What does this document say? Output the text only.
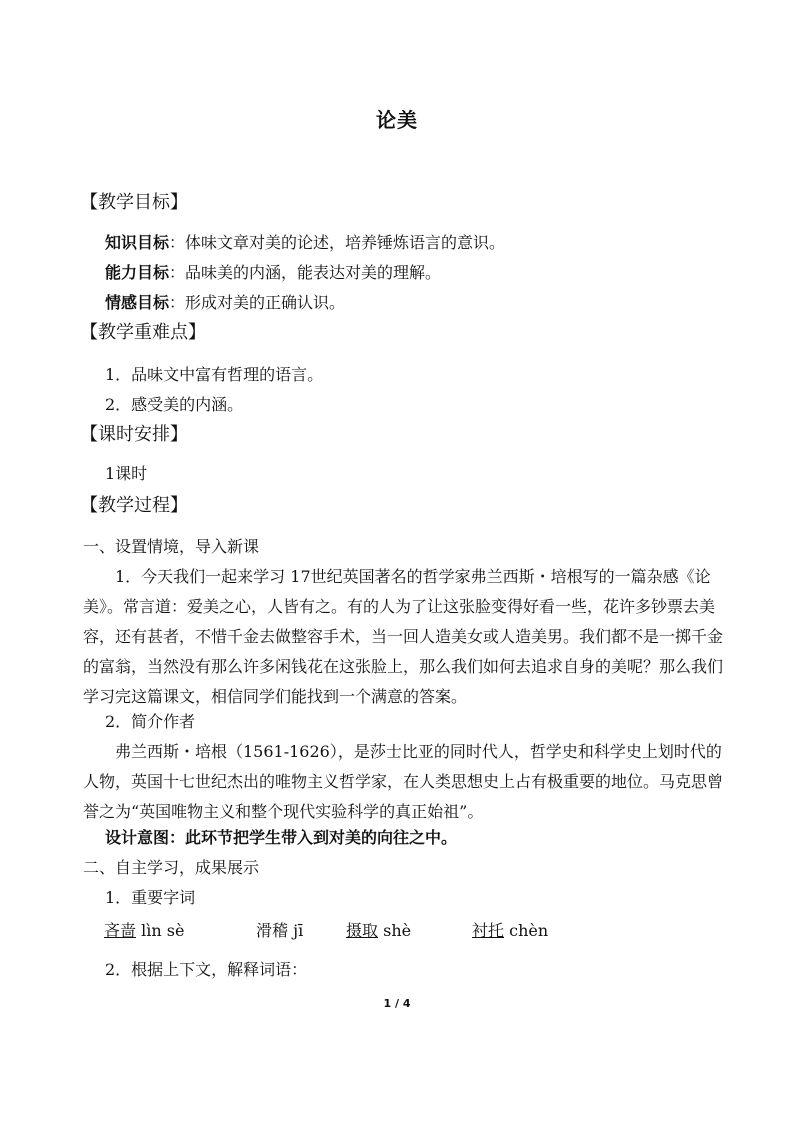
论美
【教学目标】
知识目标：体味文章对美的论述，培养锤炼语言的意识。
能力目标：品味美的内涵，能表达对美的理解。
情感目标：形成对美的正确认识。
【教学重难点】
1．品味文中富有哲理的语言。
2．感受美的内涵。
【课时安排】
1课时
【教学过程】
一、设置情境，导入新课
1．今天我们一起来学习 17世纪英国著名的哲学家弗兰西斯・培根写的一篇杂感《论美》。常言道：爱美之心，人皆有之。有的人为了让这张脸变得好看一些，花许多钞票去美容，还有甚者，不惜千金去做整容手术，当一回人造美女或人造美男。我们都不是一掷千金的富翁，当然没有那么许多闲钱花在这张脸上，那么我们如何去追求自身的美呢？那么我们学习完这篇课文，相信同学们能找到一个满意的答案。
2．简介作者
弗兰西斯・培根（1561-1626），是莎士比亚的同时代人，哲学史和科学史上划时代的人物，英国十七世纪杰出的唯物主义哲学家，在人类思想史上占有极重要的地位。马克思曾誉之为“英国唯物主义和整个现代实验科学的真正始祖”。
设计意图：此环节把学生带入到对美的向往之中。
二、自主学习，成果展示
1．重要字词
吝啬 lìn sè	滑稽 jī	摄取 shè	衬托 chèn
2．根据上下文，解释词语：
1 / 4
